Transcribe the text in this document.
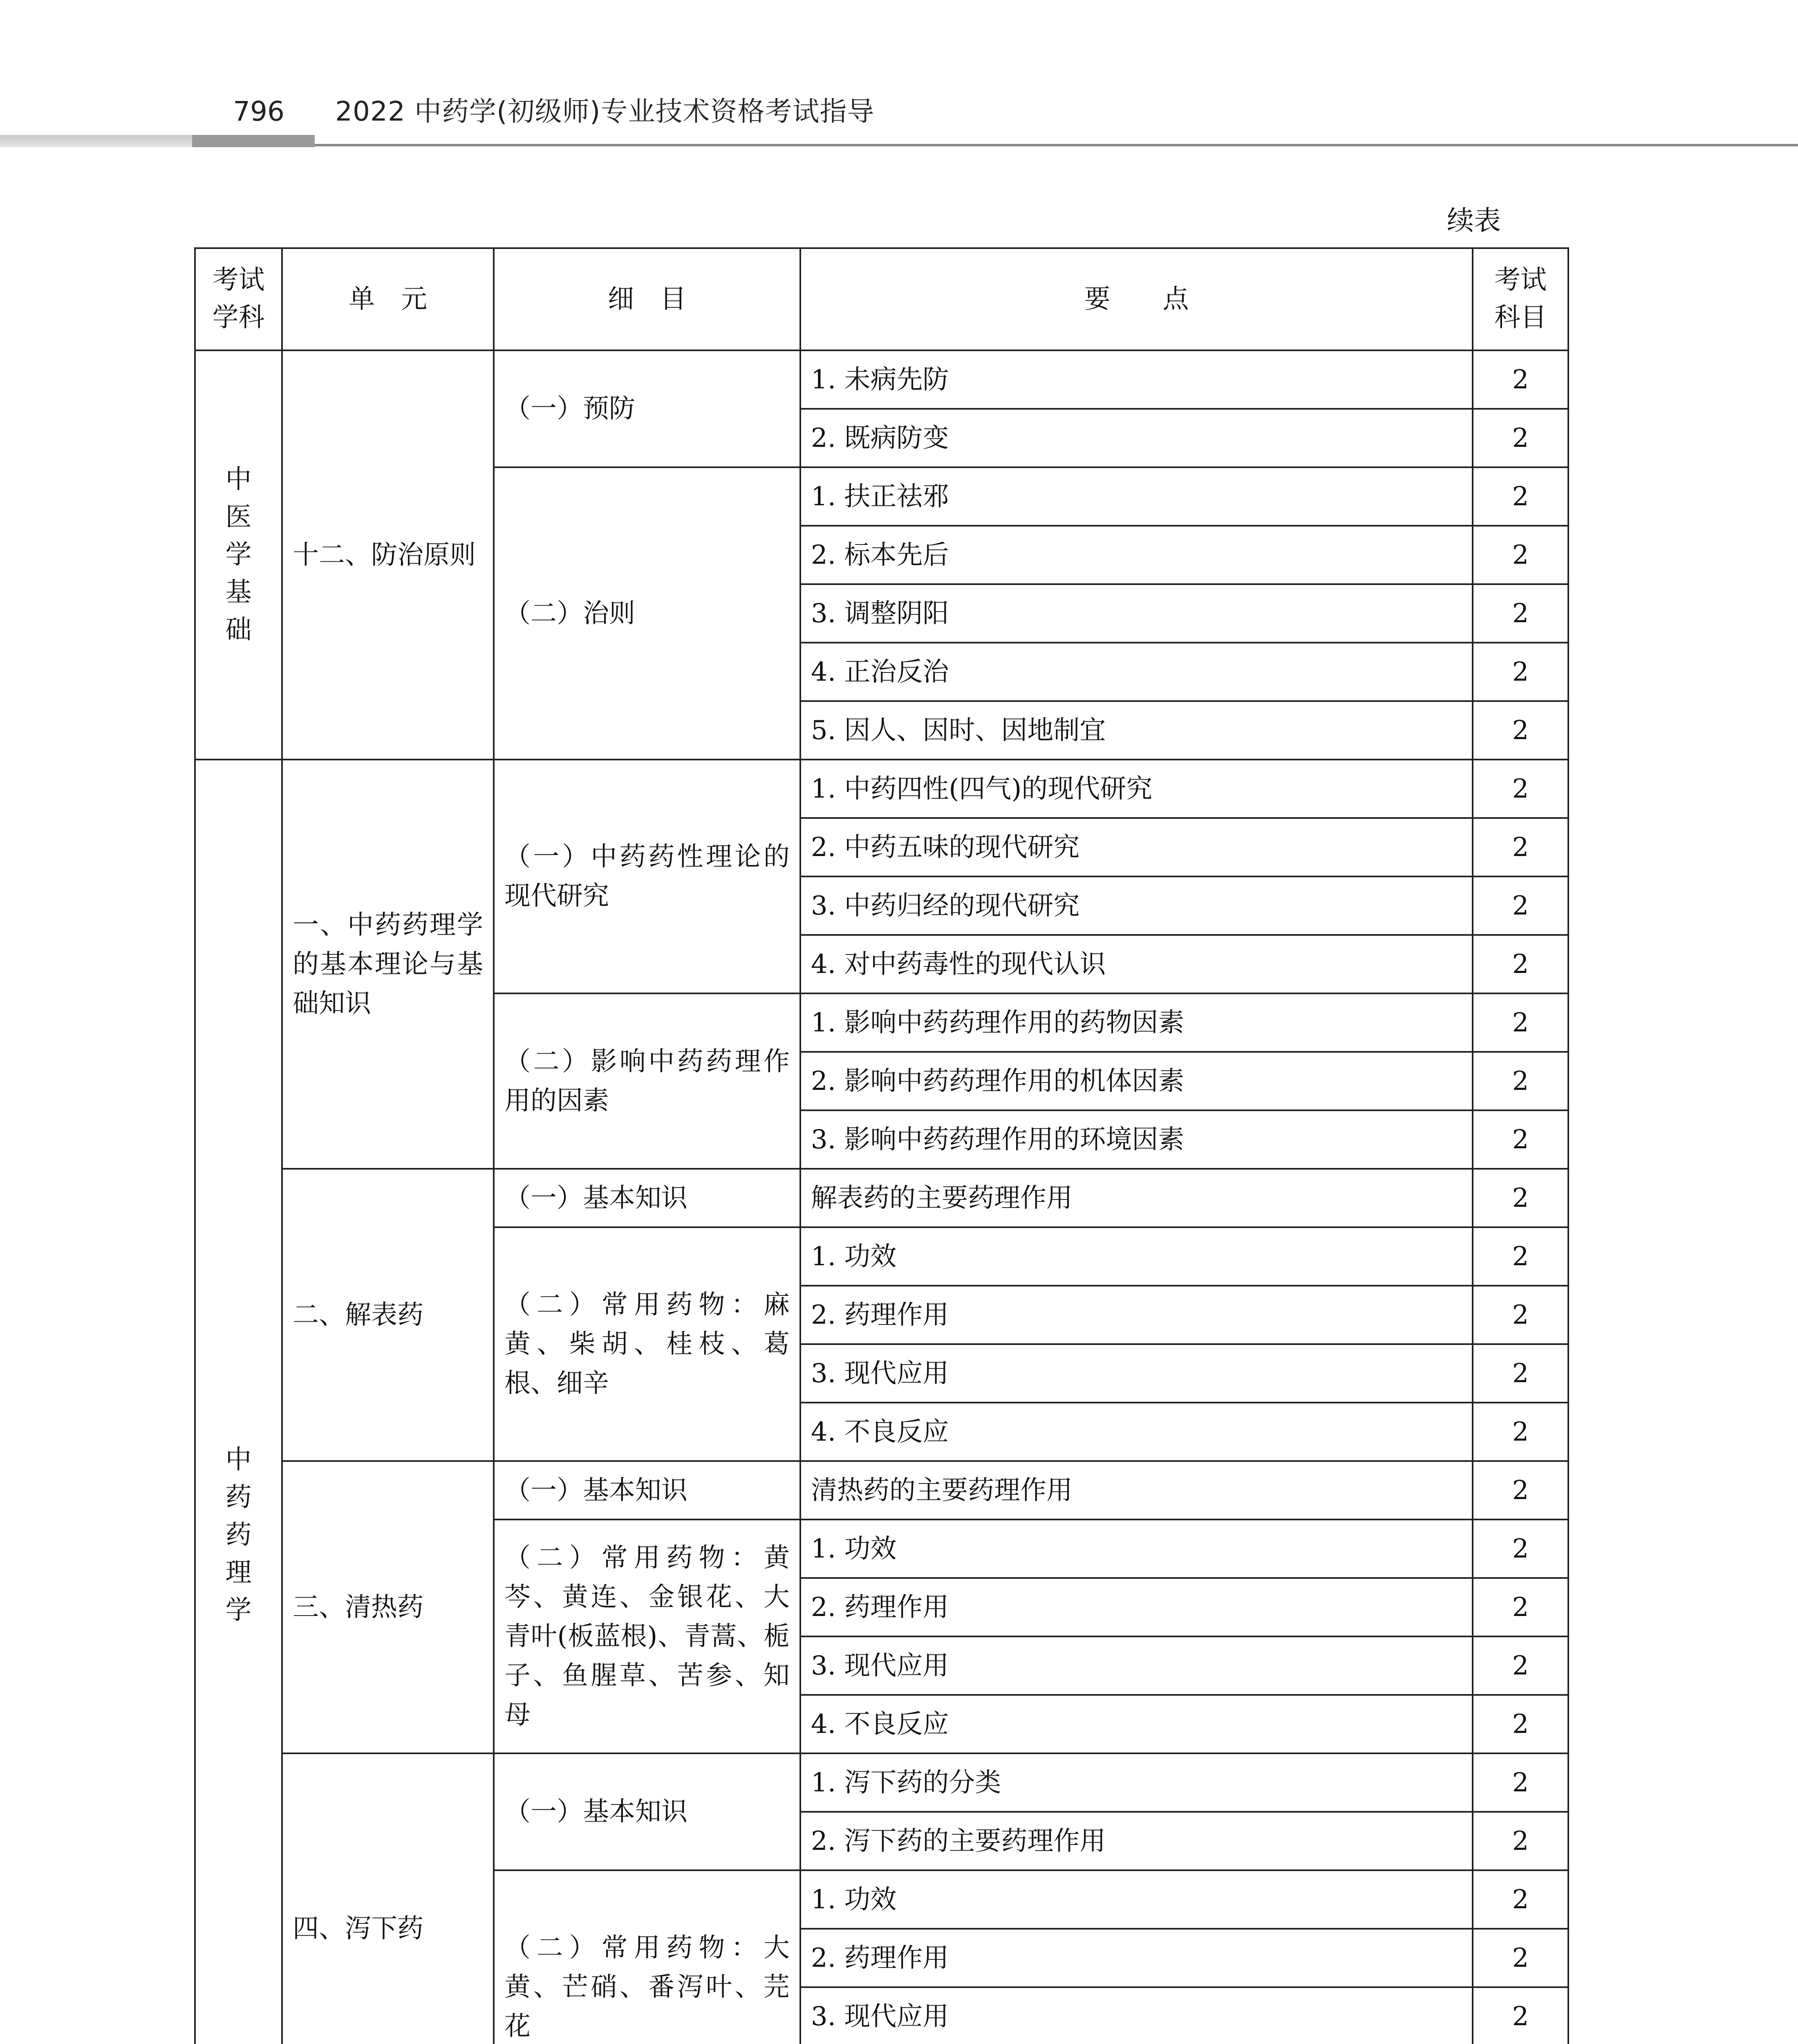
796 2022 中药学(初级师)专业技术资格考试指导
续表
考试学科	单　元	细　目	要　　点	考试科目
中医学基础	十二、防治原则	（一）预防	1. 未病先防	2
			2. 既病防变	2
		（二）治则	1. 扶正祛邪	2
			2. 标本先后	2
			3. 调整阴阳	2
			4. 正治反治	2
			5. 因人、因时、因地制宜	2
中药药理学	一、中药药理学的基本理论与基础知识	（一）中药药性理论的现代研究	1. 中药四性(四气)的现代研究	2
			2. 中药五味的现代研究	2
			3. 中药归经的现代研究	2
			4. 对中药毒性的现代认识	2
		（二）影响中药药理作用的因素	1. 影响中药药理作用的药物因素	2
			2. 影响中药药理作用的机体因素	2
			3. 影响中药药理作用的环境因素	2
	二、解表药	（一）基本知识	解表药的主要药理作用	2
		（二）常用药物：麻黄、柴胡、桂枝、葛根、细辛	1. 功效	2
			2. 药理作用	2
			3. 现代应用	2
			4. 不良反应	2
	三、清热药	（一）基本知识	清热药的主要药理作用	2
		（二）常用药物：黄芩、黄连、金银花、大青叶(板蓝根)、青蒿、栀子、鱼腥草、苦参、知母	1. 功效	2
			2. 药理作用	2
			3. 现代应用	2
			4. 不良反应	2
	四、泻下药	（一）基本知识	1. 泻下药的分类	2
			2. 泻下药的主要药理作用	2
		（二）常用药物：大黄、芒硝、番泻叶、芫花	1. 功效	2
			2. 药理作用	2
			3. 现代应用	2
